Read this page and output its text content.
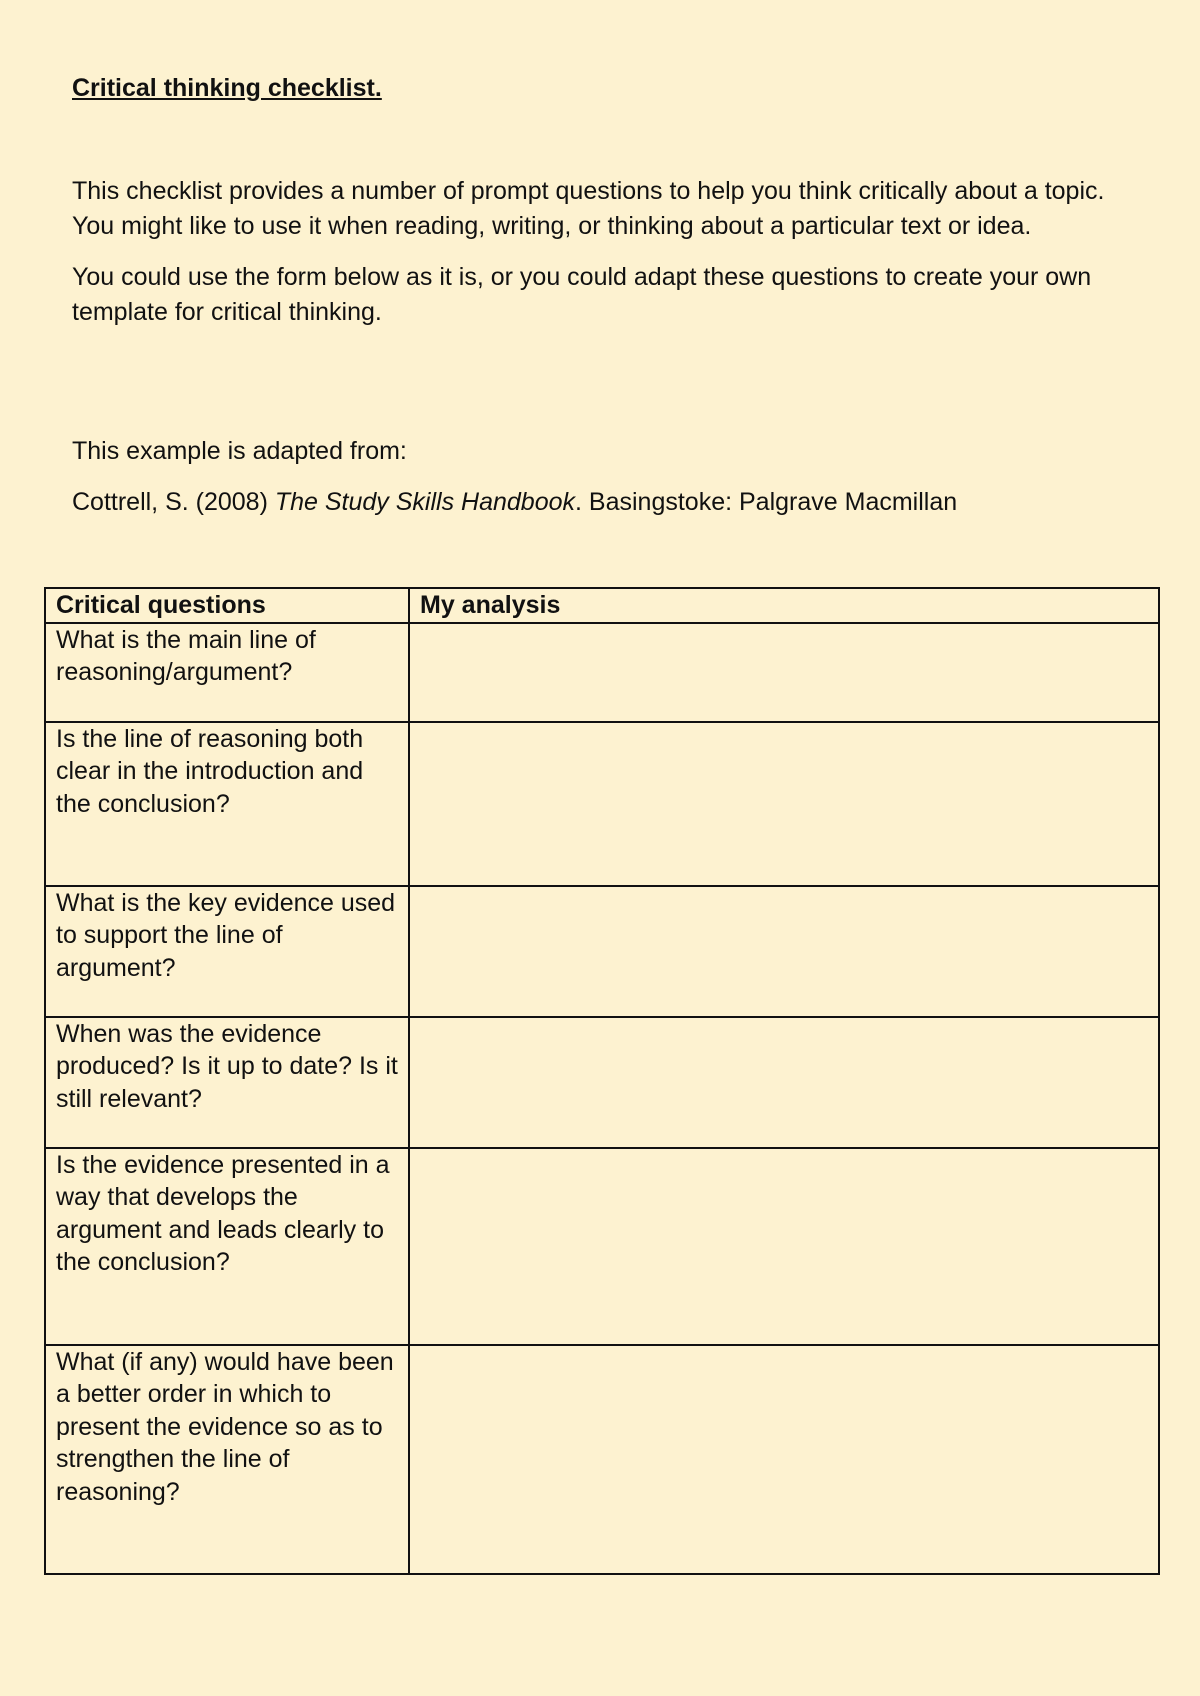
Critical thinking checklist.

This checklist provides a number of prompt questions to help you think critically about a topic. You might like to use it when reading, writing, or thinking about a particular text or idea.

You could use the form below as it is, or you could adapt these questions to create your own template for critical thinking.

This example is adapted from:
Cottrell, S. (2008) The Study Skills Handbook. Basingstoke: Palgrave Macmillan
Critical questions	My analysis
What is the main line of reasoning/argument?	
Is the line of reasoning both clear in the introduction and the conclusion?	
What is the key evidence used to support the line of argument?	
When was the evidence produced? Is it up to date? Is it still relevant?	
Is the evidence presented in a way that develops the argument and leads clearly to the conclusion?	
What (if any) would have been a better order in which to present the evidence so as to strengthen the line of reasoning?	
